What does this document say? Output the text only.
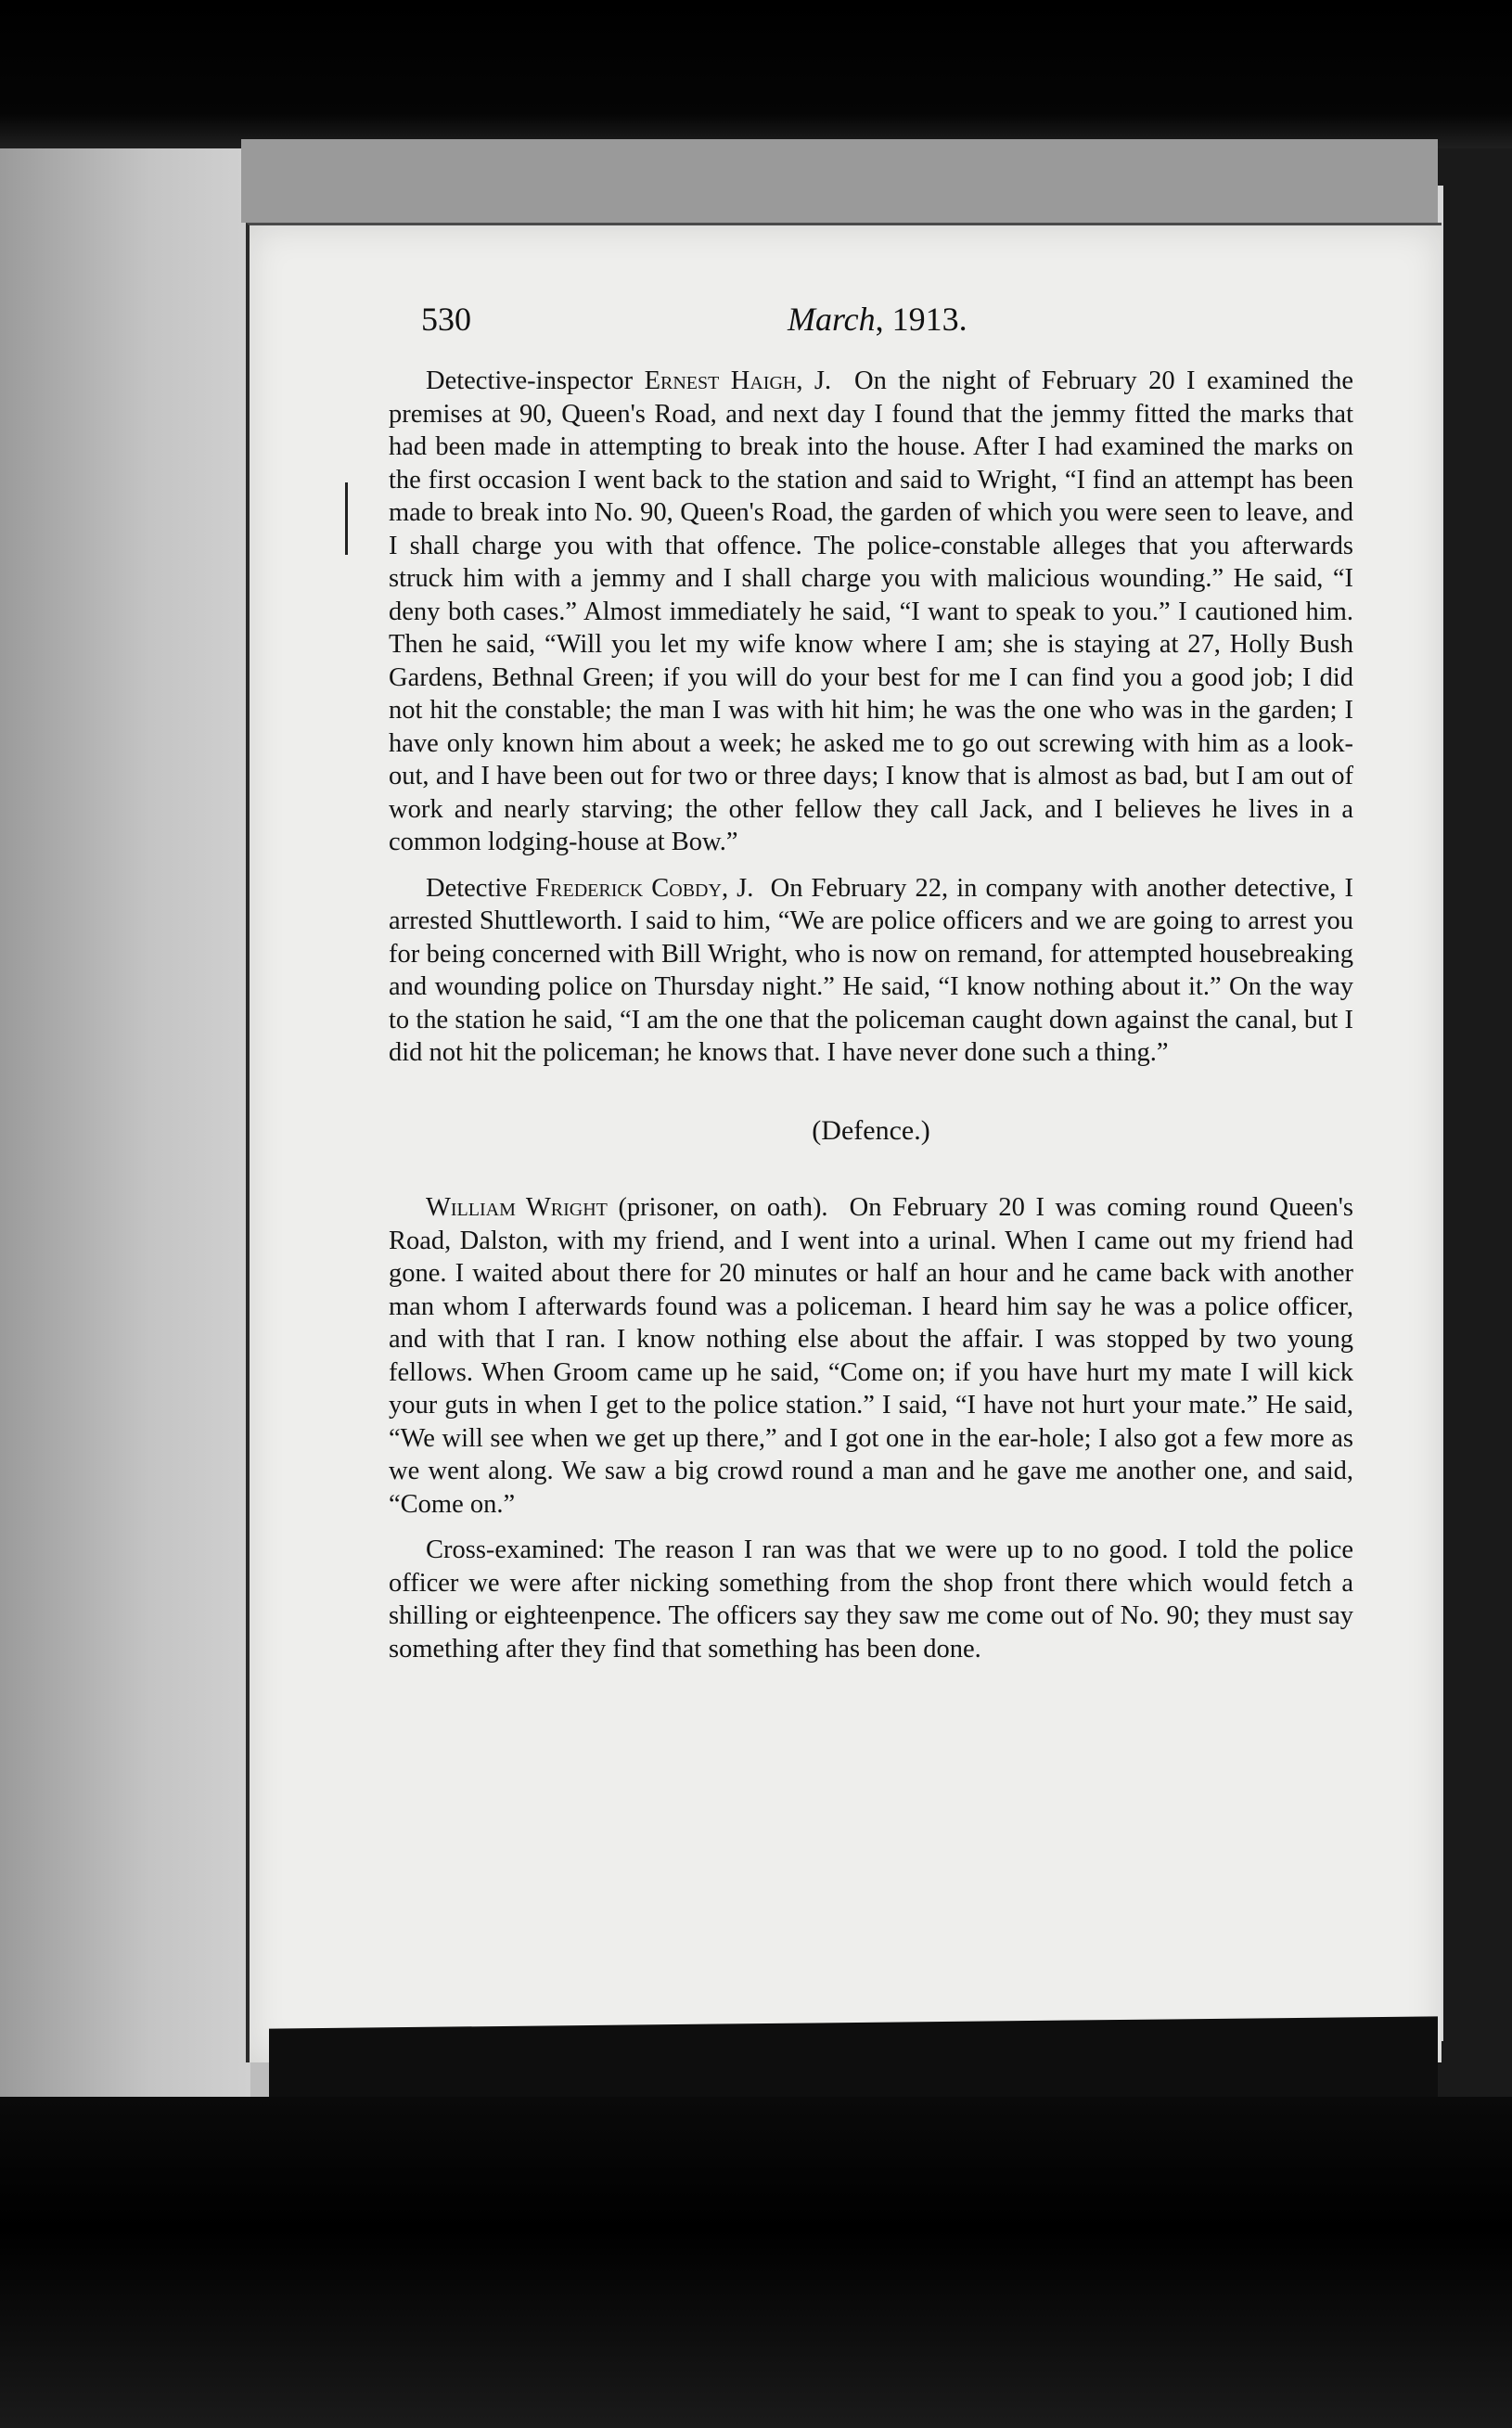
530	March, 1913.

Detective-inspector Ernest Haigh, J. On the night of February 20 I examined the premises at 90, Queen's Road, and next day I found that the jemmy fitted the marks that had been made in attempting to break into the house. After I had examined the marks on the first occasion I went back to the station and said to Wright, “I find an attempt has been made to break into No. 90, Queen's Road, the garden of which you were seen to leave, and I shall charge you with that offence. The police-constable alleges that you afterwards struck him with a jemmy and I shall charge you with malicious wounding.” He said, “I deny both cases.” Almost immediately he said, “I want to speak to you.” I cautioned him. Then he said, “Will you let my wife know where I am; she is staying at 27, Holly Bush Gardens, Bethnal Green; if you will do your best for me I can find you a good job; I did not hit the constable; the man I was with hit him; he was the one who was in the garden; I have only known him about a week; he asked me to go out screwing with him as a look-out, and I have been out for two or three days; I know that is almost as bad, but I am out of work and nearly starving; the other fellow they call Jack, and I believes he lives in a common lodging-house at Bow.”

Detective Frederick Cobdy, J. On February 22, in company with another detective, I arrested Shuttleworth. I said to him, “We are police officers and we are going to arrest you for being concerned with Bill Wright, who is now on remand, for attempted housebreaking and wounding police on Thursday night.” He said, “I know nothing about it.” On the way to the station he said, “I am the one that the policeman caught down against the canal, but I did not hit the policeman; he knows that. I have never done such a thing.”

(Defence.)

William Wright (prisoner, on oath). On February 20 I was coming round Queen's Road, Dalston, with my friend, and I went into a urinal. When I came out my friend had gone. I waited about there for 20 minutes or half an hour and he came back with another man whom I afterwards found was a policeman. I heard him say he was a police officer, and with that I ran. I know nothing else about the affair. I was stopped by two young fellows. When Groom came up he said, “Come on; if you have hurt my mate I will kick your guts in when I get to the police station.” I said, “I have not hurt your mate.” He said, “We will see when we get up there,” and I got one in the ear-hole; I also got a few more as we went along. We saw a big crowd round a man and he gave me another one, and said, “Come on.”

Cross-examined: The reason I ran was that we were up to no good. I told the police officer we were after nicking something from the shop front there which would fetch a shilling or eighteenpence. The officers say they saw me come out of No. 90; they must say something after they find that something has been done.
